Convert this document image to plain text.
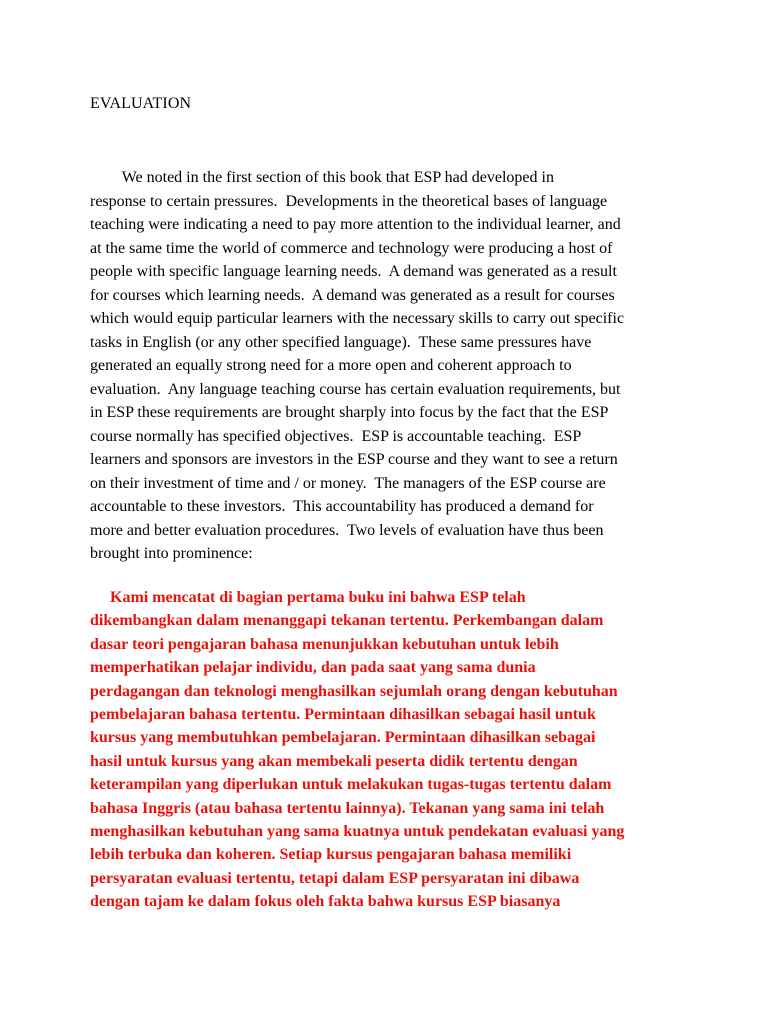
EVALUATION
We noted in the first section of this book that ESP had developed in
response to certain pressures.  Developments in the theoretical bases of language
teaching were indicating a need to pay more attention to the individual learner, and
at the same time the world of commerce and technology were producing a host of
people with specific language learning needs.  A demand was generated as a result
for courses which learning needs.  A demand was generated as a result for courses
which would equip particular learners with the necessary skills to carry out specific
tasks in English (or any other specified language).  These same pressures have
generated an equally strong need for a more open and coherent approach to
evaluation.  Any language teaching course has certain evaluation requirements, but
in ESP these requirements are brought sharply into focus by the fact that the ESP
course normally has specified objectives.  ESP is accountable teaching.  ESP
learners and sponsors are investors in the ESP course and they want to see a return
on their investment of time and / or money.  The managers of the ESP course are
accountable to these investors.  This accountability has produced a demand for
more and better evaluation procedures.  Two levels of evaluation have thus been
brought into prominence:
Kami mencatat di bagian pertama buku ini bahwa ESP telah
dikembangkan dalam menanggapi tekanan tertentu. Perkembangan dalam
dasar teori pengajaran bahasa menunjukkan kebutuhan untuk lebih
memperhatikan pelajar individu, dan pada saat yang sama dunia
perdagangan dan teknologi menghasilkan sejumlah orang dengan kebutuhan
pembelajaran bahasa tertentu. Permintaan dihasilkan sebagai hasil untuk
kursus yang membutuhkan pembelajaran. Permintaan dihasilkan sebagai
hasil untuk kursus yang akan membekali peserta didik tertentu dengan
keterampilan yang diperlukan untuk melakukan tugas-tugas tertentu dalam
bahasa Inggris (atau bahasa tertentu lainnya). Tekanan yang sama ini telah
menghasilkan kebutuhan yang sama kuatnya untuk pendekatan evaluasi yang
lebih terbuka dan koheren. Setiap kursus pengajaran bahasa memiliki
persyaratan evaluasi tertentu, tetapi dalam ESP persyaratan ini dibawa
dengan tajam ke dalam fokus oleh fakta bahwa kursus ESP biasanya
